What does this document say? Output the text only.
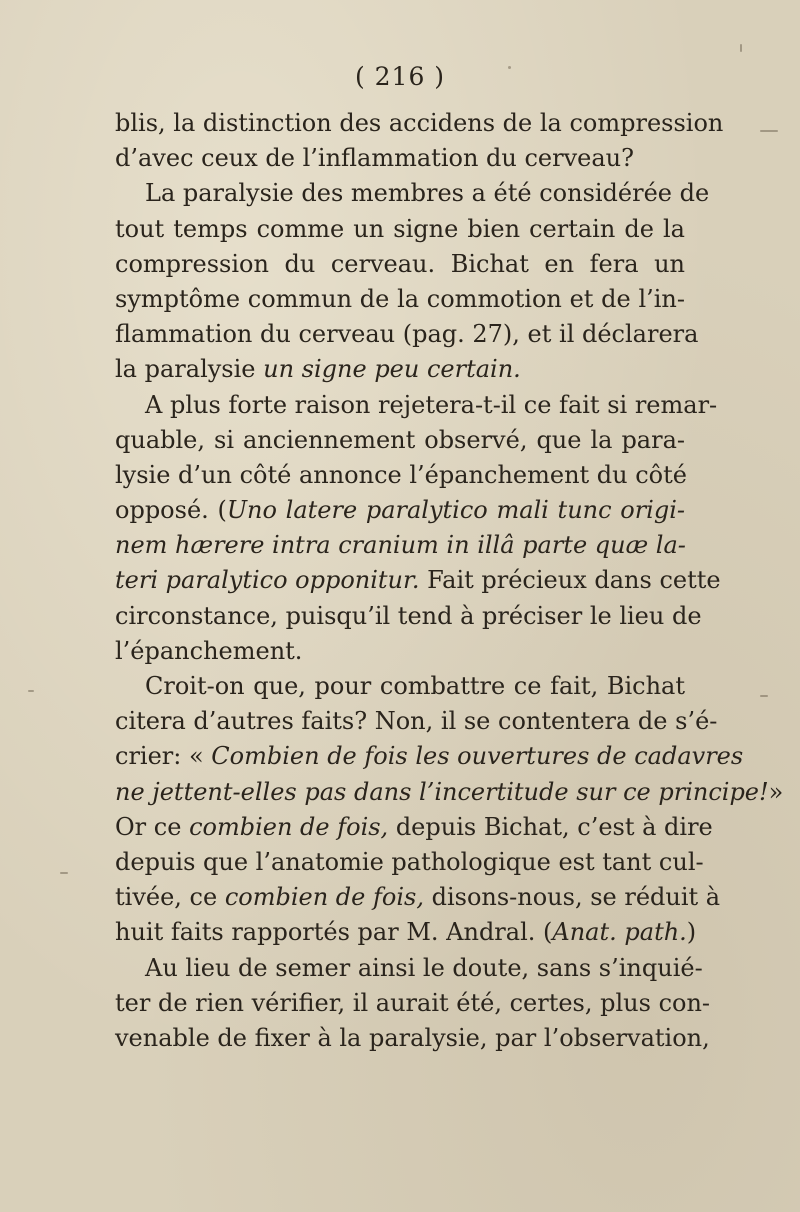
( 216 )
blis, la distinction des accidens de la compression
d’avec ceux de l’inflammation du cerveau?
La paralysie des membres a été considérée de
tout temps comme un signe bien certain de la
compression du cerveau. Bichat en fera un
symptôme commun de la commotion et de l’in-
flammation du cerveau (pag. 27), et il déclarera
la paralysie un signe peu certain.
A plus forte raison rejetera-t-il ce fait si remar-
quable, si anciennement observé, que la para-
lysie d’un côté annonce l’épanchement du côté
opposé. (Uno latere paralytico mali tunc origi-
nem hærere intra cranium in illâ parte quæ la-
teri paralytico opponitur. Fait précieux dans cette
circonstance, puisqu’il tend à préciser le lieu de
l’épanchement.
Croit-on que, pour combattre ce fait, Bichat
citera d’autres faits? Non, il se contentera de s’é-
crier: « Combien de fois les ouvertures de cadavres
ne jettent-elles pas dans l’incertitude sur ce principe!»
Or ce combien de fois, depuis Bichat, c’est à dire
depuis que l’anatomie pathologique est tant cul-
tivée, ce combien de fois, disons-nous, se réduit à
huit faits rapportés par M. Andral. (Anat. path.)
Au lieu de semer ainsi le doute, sans s’inquié-
ter de rien vérifier, il aurait été, certes, plus con-
venable de fixer à la paralysie, par l’observation,
